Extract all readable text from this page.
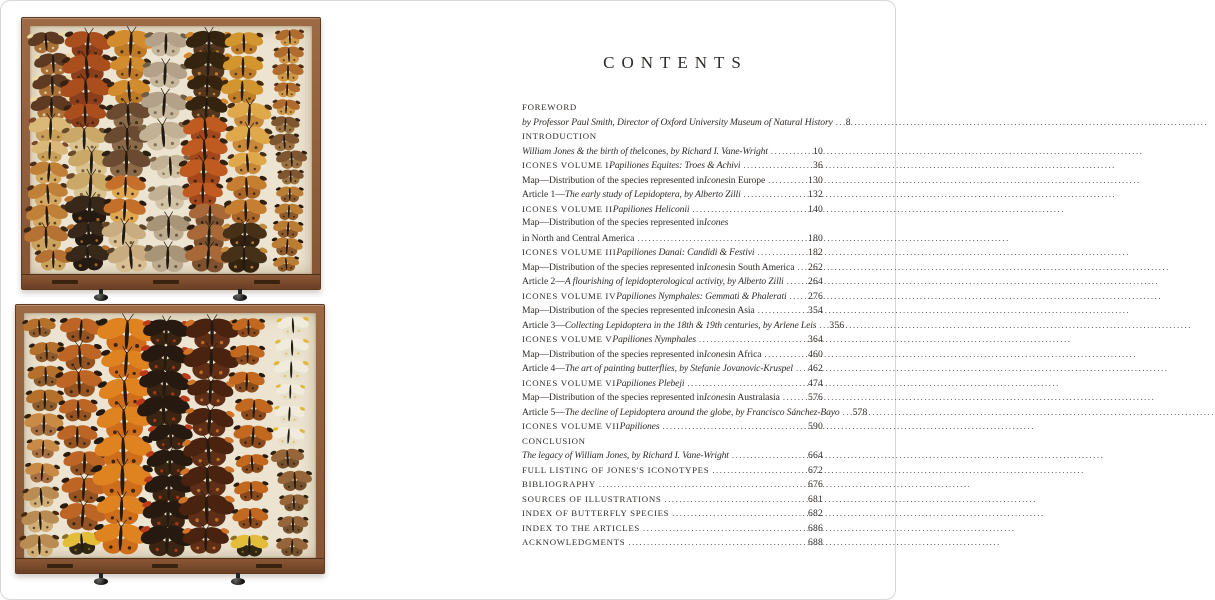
CONTENTS
FOREWORD
by Professor Paul Smith, Director of Oxford University Museum of Natural History ..... 8
INTRODUCTION
William Jones & the birth of the Icones , by Richard I. Vane-Wright .....	10
ICONES VOLUME I Papiliones Equites: Troes & Achivi .....	36
Map—Distribution of the species represented in Icones in Europe .....	130
Article 1— The early study of Lepidoptera, by Alberto Zilli .....	132
ICONES VOLUME II Papiliones Heliconii .....	140
Map—Distribution of the species represented in Icones
in North and Central America .....	180
ICONES VOLUME III Papiliones Danai: Candidi & Festivi .....	182
Map—Distribution of the species represented in Icones in South America ..... 262
Article 2— A flourishing of lepidopterological activity, by Alberto Zilli .....	264
ICONES VOLUME IV Papiliones Nymphales: Gemmati & Phalerati ..... 276
Map—Distribution of the species represented in Icones in Asia .....	354
Article 3— Collecting Lepidoptera in the 18th & 19th centuries, by Arlene Leis ..... 356
ICONES VOLUME V Papiliones Nymphales .....	364
Map—Distribution of the species represented in Icones in Africa .....	460
Article 4— The art of painting butterflies, by Stefanie Jovanovic-Kruspel ..... 462
ICONES VOLUME VI Papiliones Plebeji .....	474
Map—Distribution of the species represented in Icones in Australasia .....	576
Article 5— The decline of Lepidoptera around the globe, by Francisco Sánchez-Bayo ..... 578
ICONES VOLUME VII Papiliones .....	590
CONCLUSION
The legacy of William Jones, by Richard I. Vane-Wright .....	664
FULL LISTING OF JONES'S ICONOTYPES .....	672
BIBLIOGRAPHY .....	676
SOURCES OF ILLUSTRATIONS .....	681
INDEX OF BUTTERFLY SPECIES .....	682
INDEX TO THE ARTICLES .....	686
ACKNOWLEDGMENTS .....	688
